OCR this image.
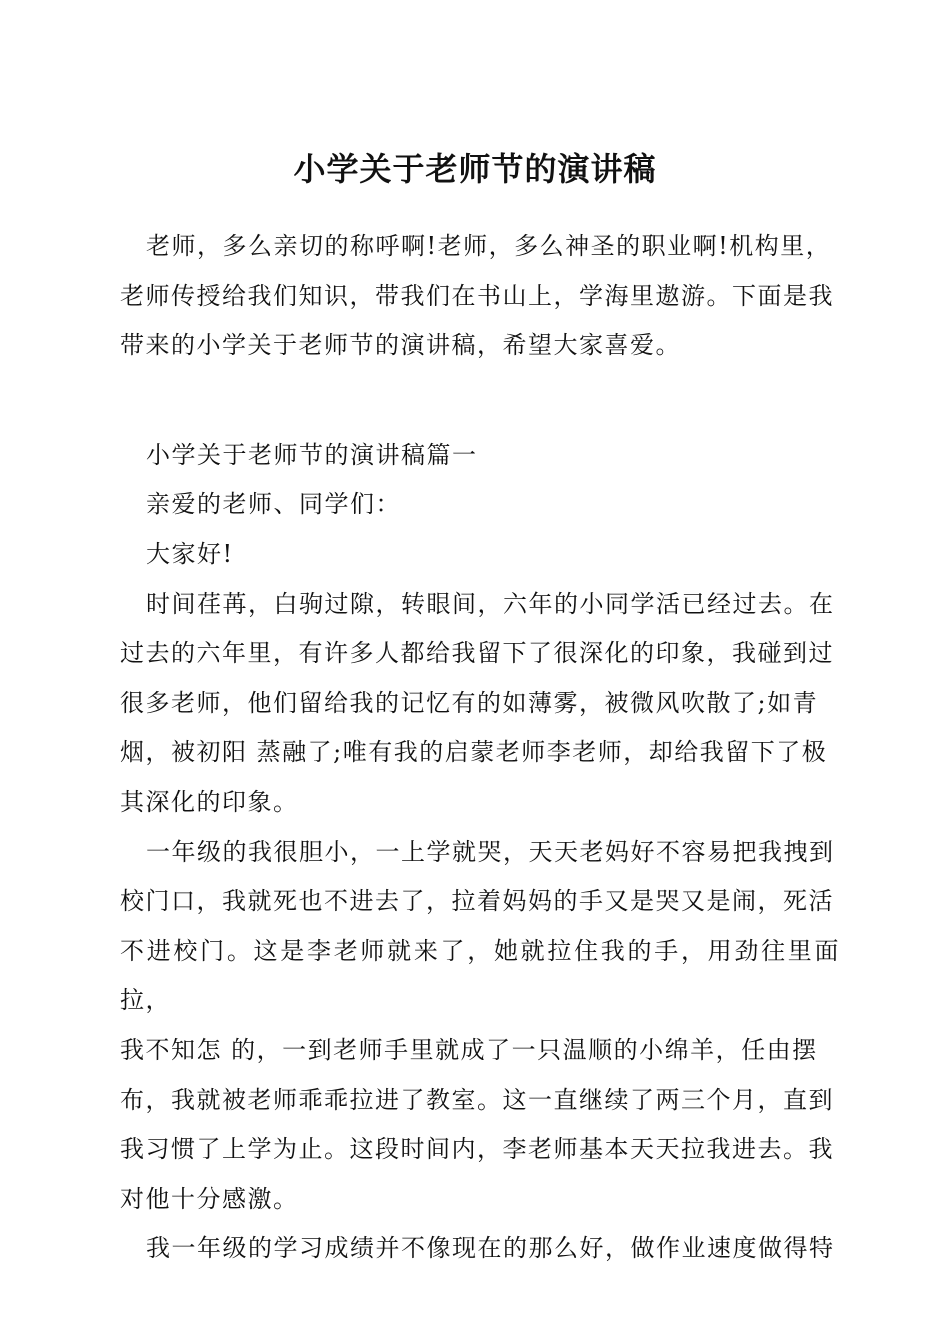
小学关于老师节的演讲稿

老师，多么亲切的称呼啊!老师，多么神圣的职业啊!机构里，
老师传授给我们知识，带我们在书山上，学海里遨游。下面是我
带来的小学关于老师节的演讲稿，希望大家喜爱。

小学关于老师节的演讲稿篇一

亲爱的老师、同学们：

大家好!

时间荏苒，白驹过隙，转眼间，六年的小同学活已经过去。在
过去的六年里，有许多人都给我留下了很深化的印象，我碰到过
很多老师，他们留给我的记忆有的如薄雾，被微风吹散了;如青
烟，被初阳 蒸融了;唯有我的启蒙老师李老师，却给我留下了极
其深化的印象。

一年级的我很胆小，一上学就哭，天天老妈好不容易把我拽到
校门口，我就死也不进去了，拉着妈妈的手又是哭又是闹，死活
不进校门。这是李老师就来了，她就拉住我的手，用劲往里面拉，
我不知怎 的，一到老师手里就成了一只温顺的小绵羊，任由摆
布，我就被老师乖乖拉进了教室。这一直继续了两三个月，直到
我习惯了上学为止。这段时间内，李老师基本天天拉我进去。我
对他十分感激。

我一年级的学习成绩并不像现在的那么好，做作业速度做得特
